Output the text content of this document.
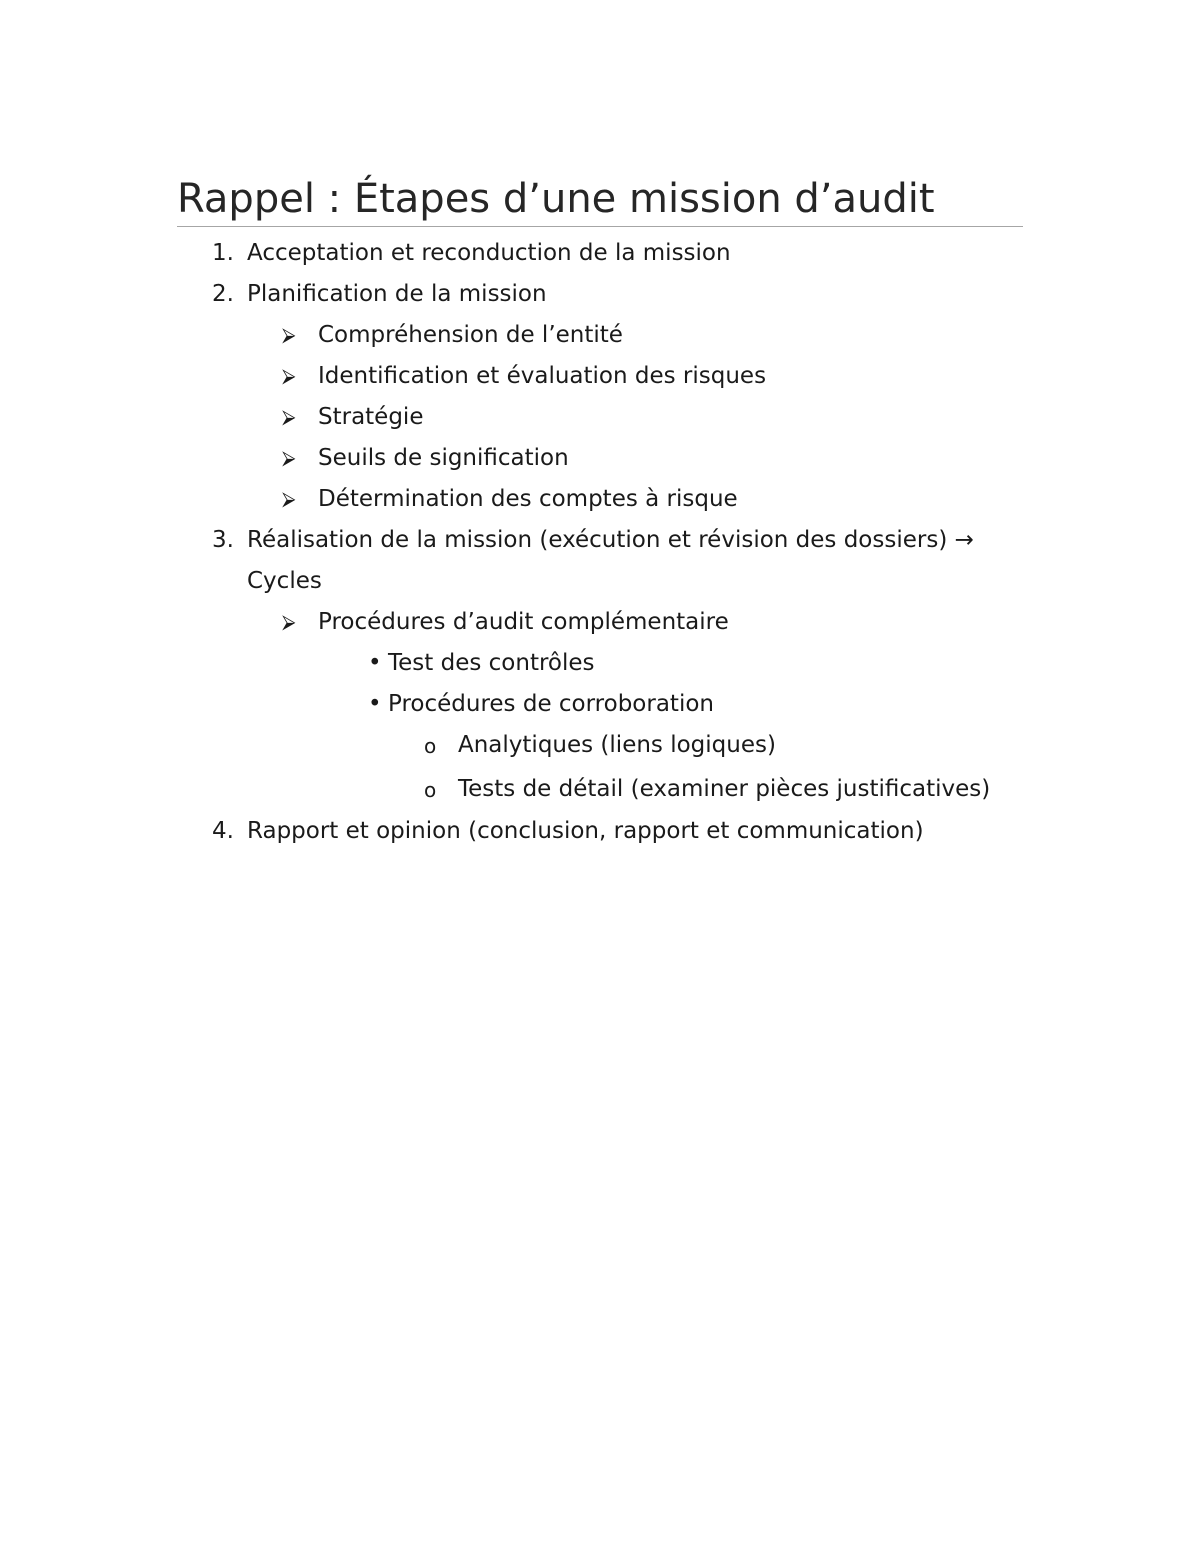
Rappel : Étapes d’une mission d’audit
1. Acceptation et reconduction de la mission
2. Planification de la mission
⮚ Compréhension de l’entité
⮚ Identification et évaluation des risques
⮚ Stratégie
⮚ Seuils de signification
⮚ Détermination des comptes à risque
3. Réalisation de la mission (exécution et révision des dossiers) →
Cycles
⮚ Procédures d’audit complémentaire
• Test des contrôles
• Procédures de corroboration
o Analytiques (liens logiques)
o Tests de détail (examiner pièces justificatives)
4. Rapport et opinion (conclusion, rapport et communication)
